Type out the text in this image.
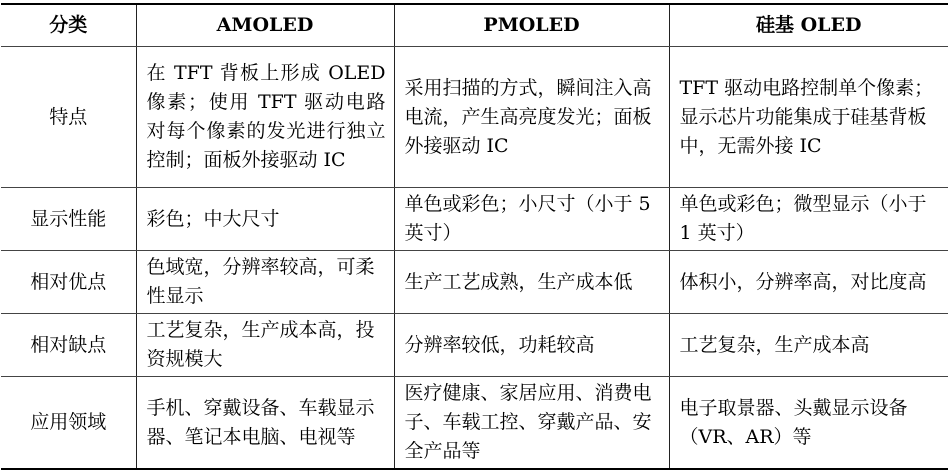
分类	AMOLED	PMOLED	硅基 OLED
特点	在 TFT 背板上形成 OLED 像素；使用 TFT 驱动电路对每个像素的发光进行独立控制；面板外接驱动 IC	采用扫描的方式，瞬间注入高电流，产生高亮度发光；面板外接驱动 IC	TFT 驱动电路控制单个像素；显示芯片功能集成于硅基背板中，无需外接 IC
显示性能	彩色；中大尺寸	单色或彩色；小尺寸（小于 5 英寸）	单色或彩色；微型显示（小于 1 英寸）
相对优点	色域宽，分辨率较高，可柔性显示	生产工艺成熟，生产成本低	体积小，分辨率高，对比度高
相对缺点	工艺复杂，生产成本高，投资规模大	分辨率较低，功耗较高	工艺复杂，生产成本高
应用领域	手机、穿戴设备、车载显示器、笔记本电脑、电视等	医疗健康、家居应用、消费电子、车载工控、穿戴产品、安全产品等	电子取景器、头戴显示设备（VR、AR）等
